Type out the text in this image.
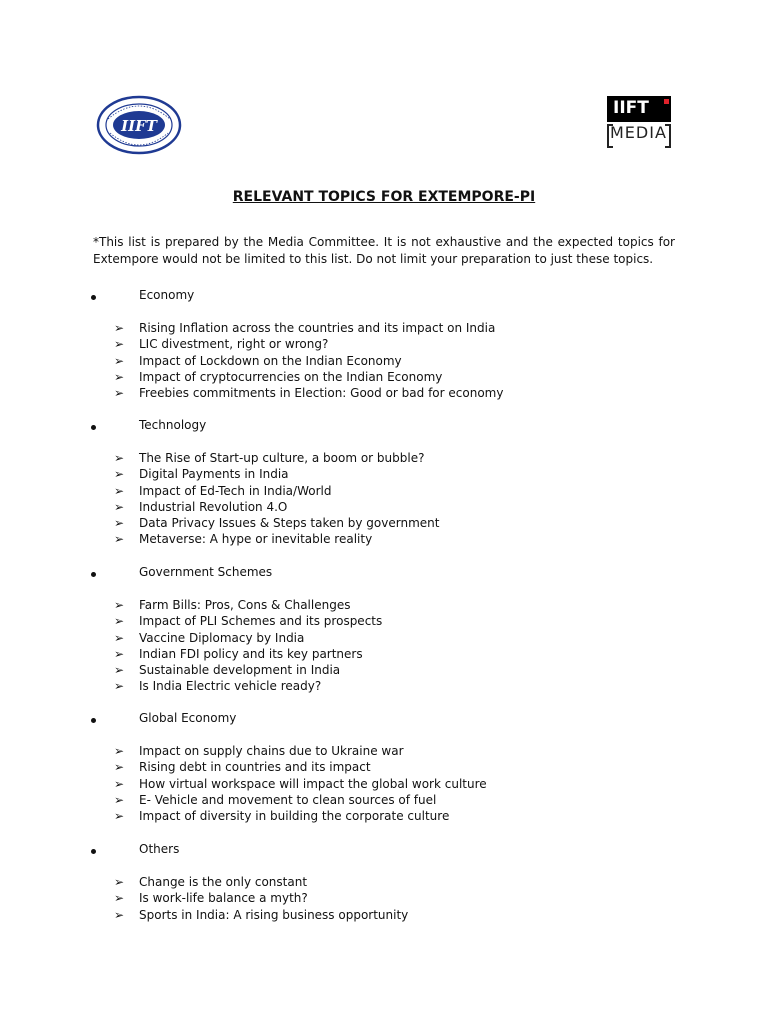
IIFT
IIFT
MEDIA
RELEVANT TOPICS FOR EXTEMPORE-PI
*This list is prepared by the Media Committee. It is not exhaustive and the expected topics for Extempore would not be limited to this list. Do not limit your preparation to just these topics.
Economy
➢ Rising Inflation across the countries and its impact on India
➢ LIC divestment, right or wrong?
➢ Impact of Lockdown on the Indian Economy
➢ Impact of cryptocurrencies on the Indian Economy
➢ Freebies commitments in Election: Good or bad for economy
Technology
➢ The Rise of Start-up culture, a boom or bubble?
➢ Digital Payments in India
➢ Impact of Ed-Tech in India/World
➢ Industrial Revolution 4.O
➢ Data Privacy Issues & Steps taken by government
➢ Metaverse: A hype or inevitable reality
Government Schemes
➢ Farm Bills: Pros, Cons & Challenges
➢ Impact of PLI Schemes and its prospects
➢ Vaccine Diplomacy by India
➢ Indian FDI policy and its key partners
➢ Sustainable development in India
➢ Is India Electric vehicle ready?
Global Economy
➢ Impact on supply chains due to Ukraine war
➢ Rising debt in countries and its impact
➢ How virtual workspace will impact the global work culture
➢ E- Vehicle and movement to clean sources of fuel
➢ Impact of diversity in building the corporate culture
Others
➢ Change is the only constant
➢ Is work-life balance a myth?
➢ Sports in India: A rising business opportunity
